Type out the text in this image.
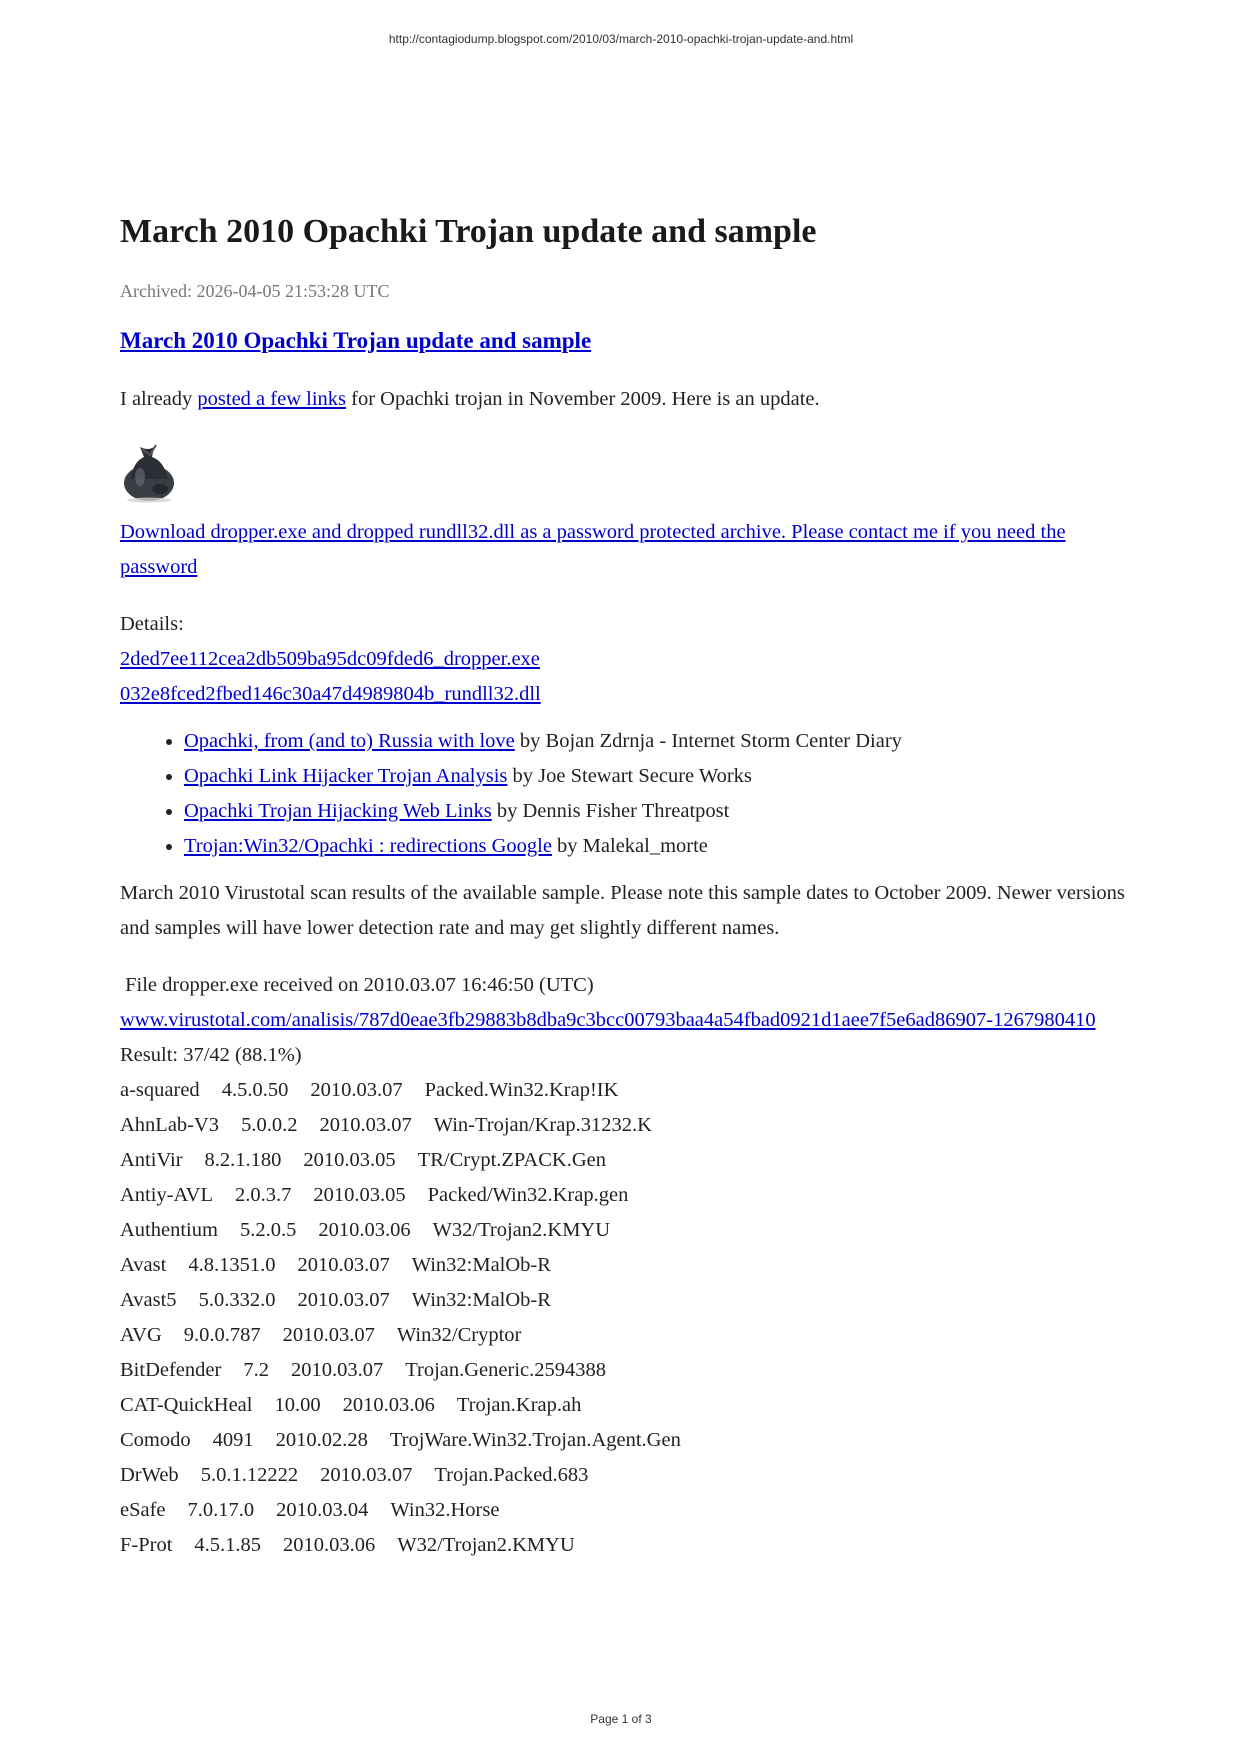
http://contagiodump.blogspot.com/2010/03/march-2010-opachki-trojan-update-and.html
March 2010 Opachki Trojan update and sample
Archived: 2026-04-05 21:53:28 UTC
March 2010 Opachki Trojan update and sample

I already posted a few links for Opachki trojan in November 2009. Here is an update.

Download dropper.exe and dropped rundll32.dll as a password protected archive. Please contact me if you need the password

Details:
2ded7ee112cea2db509ba95dc09fded6_dropper.exe
032e8fced2fbed146c30a47d4989804b_rundll32.dll
• Opachki, from (and to) Russia with love by Bojan Zdrnja - Internet Storm Center Diary
• Opachki Link Hijacker Trojan Analysis by Joe Stewart Secure Works
• Opachki Trojan Hijacking Web Links by Dennis Fisher Threatpost
• Trojan:Win32/Opachki : redirections Google by Malekal_morte

March 2010 Virustotal scan results of the available sample. Please note this sample dates to October 2009. Newer versions and samples will have lower detection rate and may get slightly different names.

File dropper.exe received on 2010.03.07 16:46:50 (UTC)
www.virustotal.com/analisis/787d0eae3fb29883b8dba9c3bcc00793baa4a54fbad0921d1aee7f5e6ad86907-1267980410
Result: 37/42 (88.1%)
a-squared 4.5.0.50 2010.03.07 Packed.Win32.Krap!IK
AhnLab-V3 5.0.0.2 2010.03.07 Win-Trojan/Krap.31232.K
AntiVir 8.2.1.180 2010.03.05 TR/Crypt.ZPACK.Gen
Antiy-AVL 2.0.3.7 2010.03.05 Packed/Win32.Krap.gen
Authentium 5.2.0.5 2010.03.06 W32/Trojan2.KMYU
Avast 4.8.1351.0 2010.03.07 Win32:MalOb-R
Avast5 5.0.332.0 2010.03.07 Win32:MalOb-R
AVG 9.0.0.787 2010.03.07 Win32/Cryptor
BitDefender 7.2 2010.03.07 Trojan.Generic.2594388
CAT-QuickHeal 10.00 2010.03.06 Trojan.Krap.ah
Comodo 4091 2010.02.28 TrojWare.Win32.Trojan.Agent.Gen
DrWeb 5.0.1.12222 2010.03.07 Trojan.Packed.683
eSafe 7.0.17.0 2010.03.04 Win32.Horse
F-Prot 4.5.1.85 2010.03.06 W32/Trojan2.KMYU
Page 1 of 3
